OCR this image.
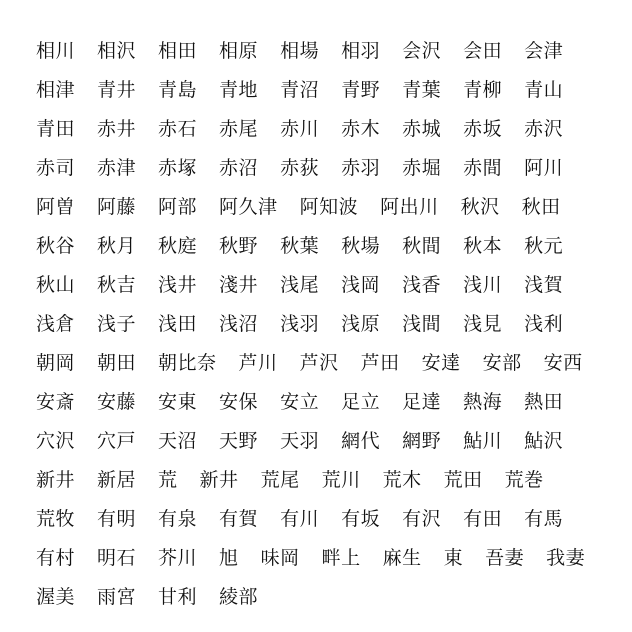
相川 相沢 相田 相原 相場 相羽 会沢 会田 会津
相津 青井 青島 青地 青沼 青野 青葉 青柳 青山
青田 赤井 赤石 赤尾 赤川 赤木 赤城 赤坂 赤沢
赤司 赤津 赤塚 赤沼 赤荻 赤羽 赤堀 赤間 阿川
阿曽 阿藤 阿部 阿久津 阿知波 阿出川 秋沢 秋田
秋谷 秋月 秋庭 秋野 秋葉 秋場 秋間 秋本 秋元
秋山 秋吉 浅井 淺井 浅尾 浅岡 浅香 浅川 浅賀
浅倉 浅子 浅田 浅沼 浅羽 浅原 浅間 浅見 浅利
朝岡 朝田 朝比奈 芦川 芦沢 芦田 安達 安部 安西
安斎 安藤 安東 安保 安立 足立 足達 熱海 熱田
穴沢 穴戸 天沼 天野 天羽 網代 網野 鮎川 鮎沢
新井 新居 荒 新井 荒尾 荒川 荒木 荒田 荒巻
荒牧 有明 有泉 有賀 有川 有坂 有沢 有田 有馬
有村 明石 芥川 旭 味岡 畔上 麻生 東 吾妻 我妻
渥美 雨宮 甘利 綾部
